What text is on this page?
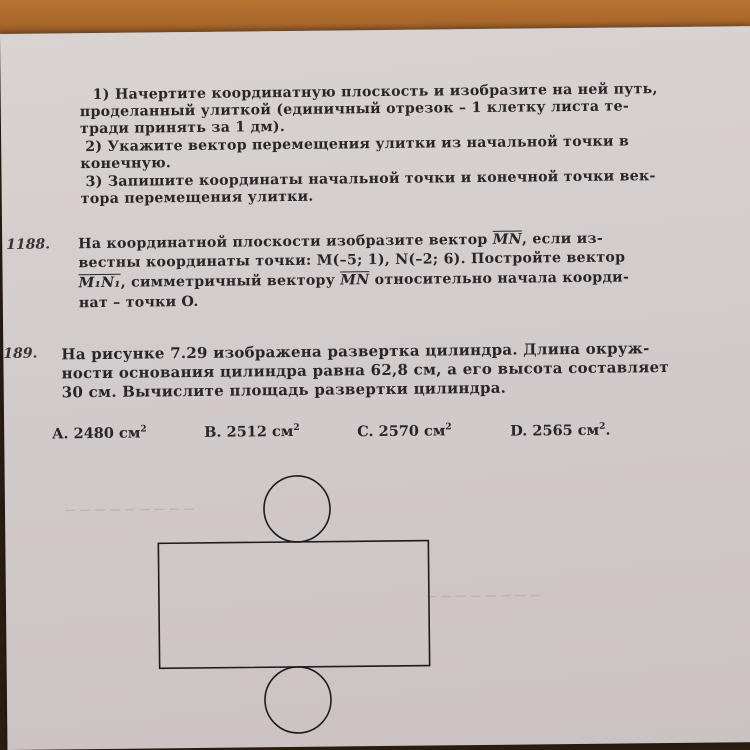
— — — — — — — — —
— — — — — — — —
1) Начертите координатную плоскость и изобразите на ней путь,
проделанный улиткой (единичный отрезок – 1 клетку листа те-
тради принять за 1 дм).
2) Укажите вектор перемещения улитки из начальной точки в
конечную.
3) Запишите координаты начальной точки и конечной точки век-
тора перемещения улитки.
1188. На координатной плоскости изобразите вектор $\overline{MN}$, если из-
вестны координаты точки: M(–5; 1), N(–2; 6). Постройте вектор
M₁N₁, симметричный вектору $\overline{MN}$ относительно начала коорди-
нат – точки O.
189. На рисунке 7.29 изображена развертка цилиндра. Длина окруж-
ности основания цилиндра равна 62,8 см, а его высота составляет
30 см. Вычислите площадь развертки цилиндра.
A. 2480 $см^2$	B. 2512 $см^2$	C. 2570 $см^2$	D. 2565 $см^2$.
